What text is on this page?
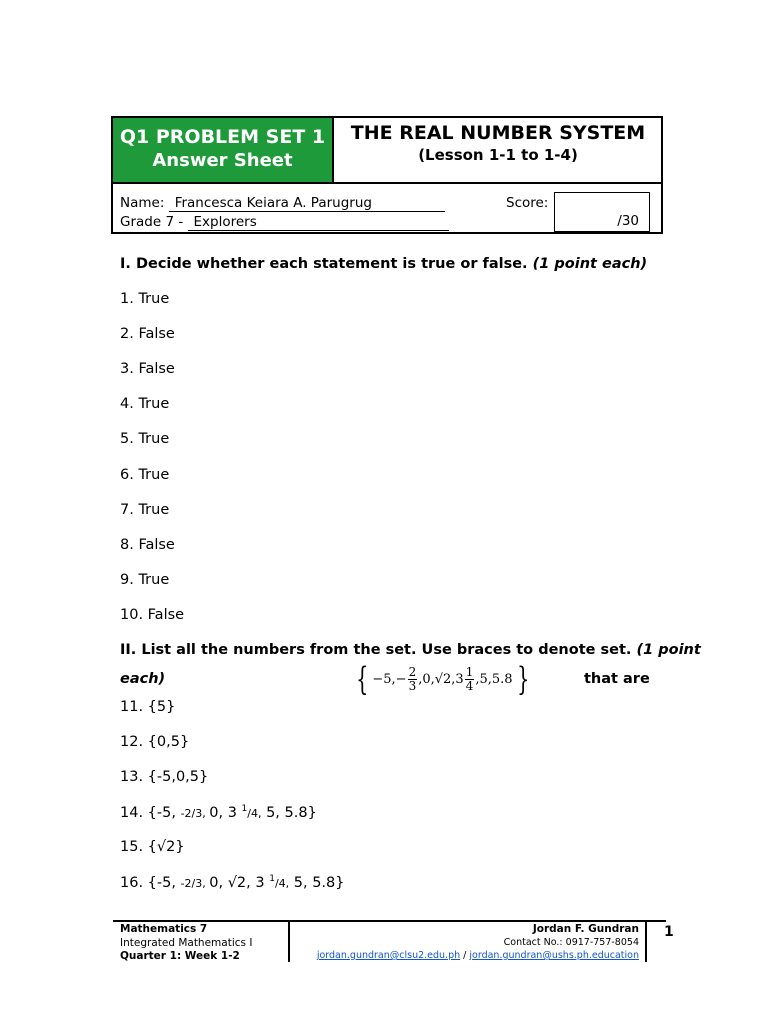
Q1 PROBLEM SET 1
Answer Sheet
THE REAL NUMBER SYSTEM
(Lesson 1-1 to 1-4)
Name: Francesca Keiara A. Parugrug
Grade 7 - Explorers
Score:
/30
I. Decide whether each statement is true or false. (1 point each)
1. True
2. False
3. False
4. True
5. True
6. True
7. True
8. False
9. True
10. False
II. List all the numbers from the set. Use braces to denote set. (1 point
each)	{ $-5,- \frac{2}{3} ,0,√2,3 \frac{1}{4} ,5,5.8$ }	that are
11. {5}
12. {0,5}
13. {-5,0,5}
14. {-5, -2/3, 0, 3 $^1$/4, 5, 5.8}
15. {√2}
16. {-5, -2/3, 0, √2, 3 $^1$/4, 5, 5.8}
Mathematics 7
Integrated Mathematics I
Quarter 1: Week 1-2
Jordan F. Gundran
Contact No.: 0917-757-8054
jordan.gundran@clsu2.edu.ph / jordan.gundran@ushs.ph.education
1
